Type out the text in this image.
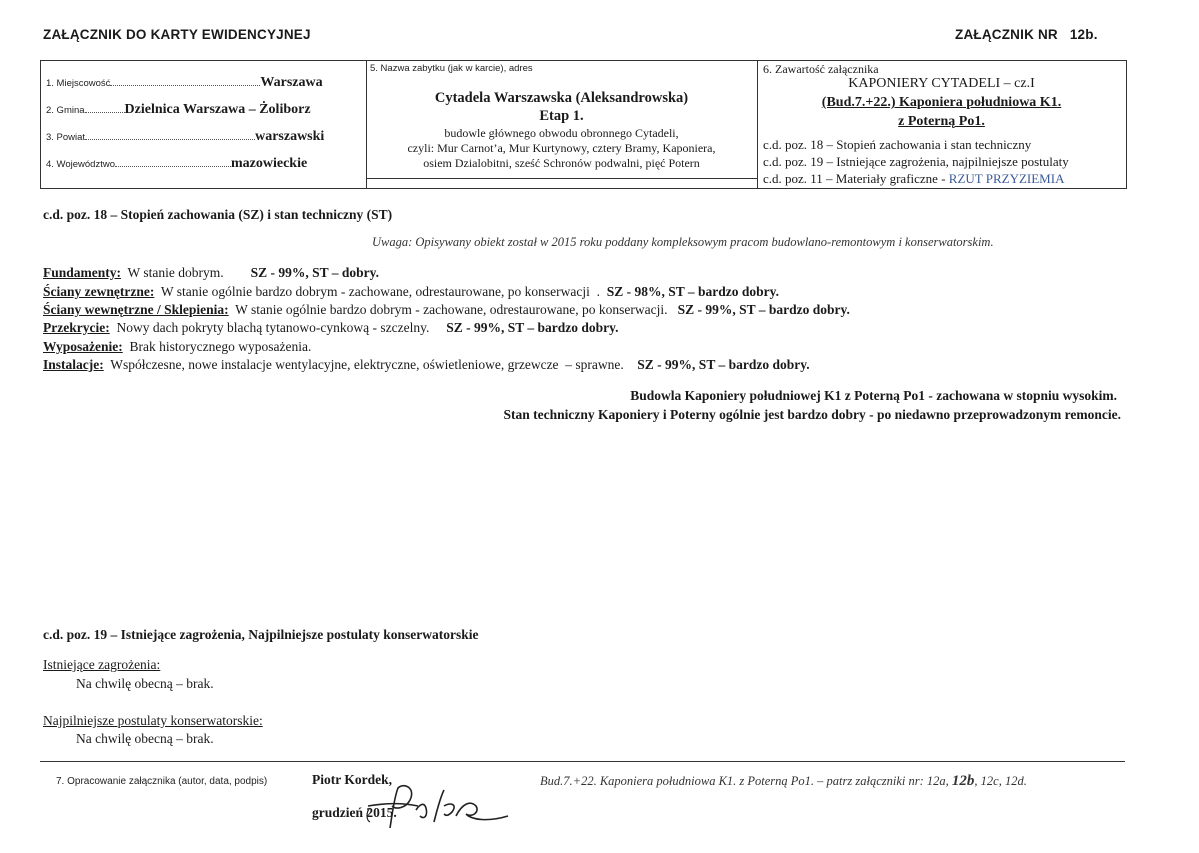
ZAŁĄCZNIK DO KARTY EWIDENCYJNEJ	ZAŁĄCZNIK NR 12b.
1. Miejscowość	Warszawa
2. Gmina	Dzielnica Warszawa – Żoliborz
3. Powiat	warszawski
4. Województwo	mazowieckie
5. Nazwa zabytku (jak w karcie), adres
Cytadela Warszawska (Aleksandrowska)
Etap 1.
budowle głównego obwodu obronnego Cytadeli,
czyli: Mur Carnot’a, Mur Kurtynowy, cztery Bramy, Kaponiera,
osiem Dzialobitni, sześć Schronów podwalni, pięć Potern
6. Zawartość załącznika
KAPONIERY CYTADELI – cz.I
(Bud.7.+22.) Kaponiera południowa K1.
z Poterną Po1.
c.d. poz. 18 – Stopień zachowania i stan techniczny
c.d. poz. 19 – Istniejące zagrożenia, najpilniejsze postulaty
c.d. poz. 11 – Materiały graficzne - RZUT PRZYZIEMIA
c.d. poz. 18 – Stopień zachowania (SZ) i stan techniczny (ST)
Uwaga: Opisywany obiekt został w 2015 roku poddany kompleksowym pracom budowlano-remontowym i konserwatorskim.
Fundamenty:  W stanie dobrym.        SZ - 99%, ST – dobry.
Ściany zewnętrzne:  W stanie ogólnie bardzo dobrym - zachowane, odrestaurowane, po konserwacji  .  SZ - 98%, ST – bardzo dobry.
Ściany wewnętrzne / Sklepienia:  W stanie ogólnie bardzo dobrym - zachowane, odrestaurowane, po konserwacji.   SZ - 99%, ST – bardzo dobry.
Przekrycie:  Nowy dach pokryty blachą tytanowo-cynkową - szczelny.     SZ - 99%, ST – bardzo dobry.
Wyposażenie:  Brak historycznego wyposażenia.
Instalacje:  Współczesne, nowe instalacje wentylacyjne, elektryczne, oświetleniowe, grzewcze  – sprawne.    SZ - 99%, ST – bardzo dobry.
Budowla Kaponiery południowej K1 z Poterną Po1 - zachowana w stopniu wysokim.
Stan techniczny Kaponiery i Poterny ogólnie jest bardzo dobry - po niedawno przeprowadzonym remoncie.
c.d. poz. 19 – Istniejące zagrożenia, Najpilniejsze postulaty konserwatorskie
Istniejące zagrożenia:
Na chwilę obecną – brak.
Najpilniejsze postulaty konserwatorskie:
Na chwilę obecną – brak.
7. Opracowanie załącznika (autor, data, podpis)	Piotr Kordek,
grudzień 2015.
Bud.7.+22. Kaponiera południowa K1. z Poterną Po1. – patrz załączniki nr: 12a, 12b, 12c, 12d.
